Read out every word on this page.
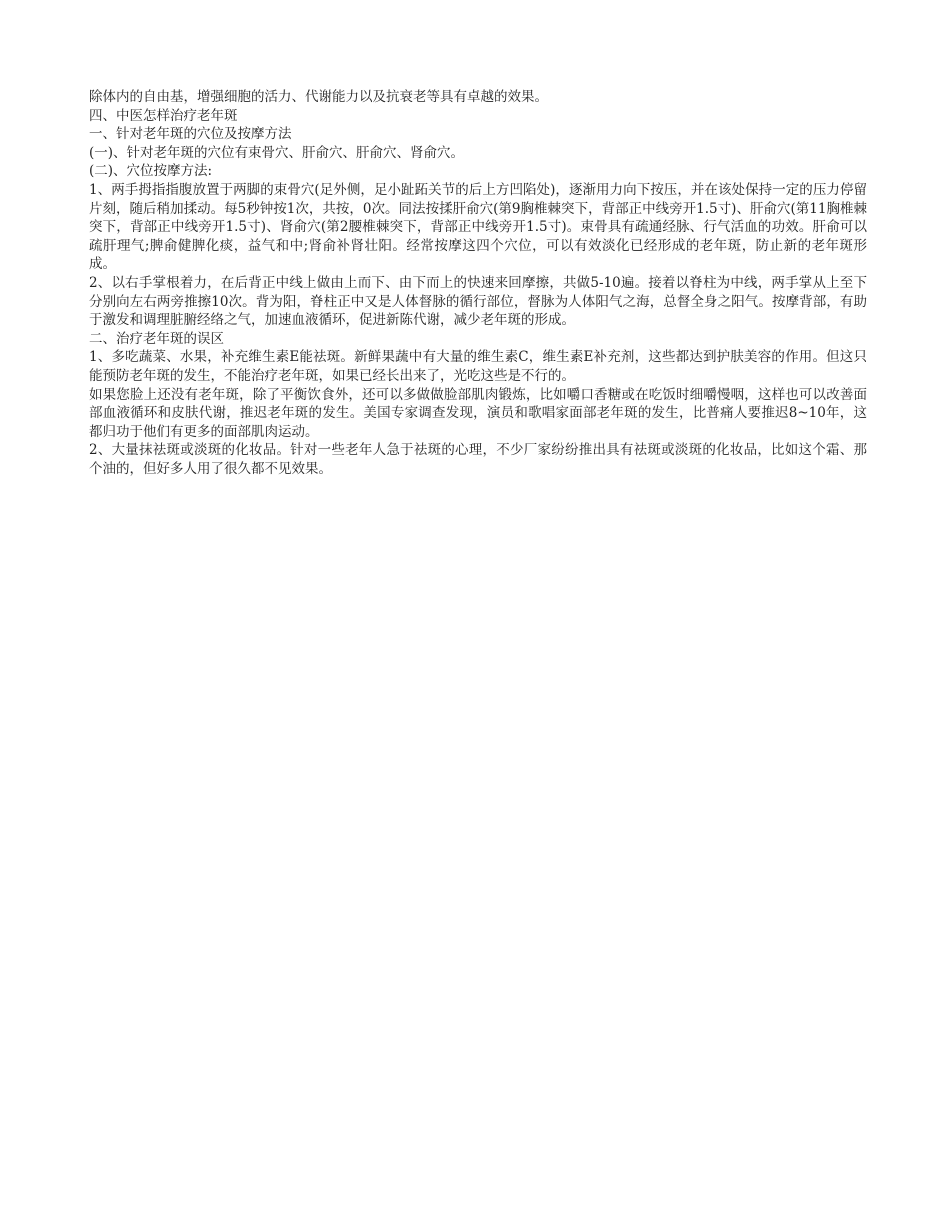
除体内的自由基，增强细胞的活力、代谢能力以及抗衰老等具有卓越的效果。

四、中医怎样治疗老年斑

一、针对老年斑的穴位及按摩方法

(一)、针对老年斑的穴位有束骨穴、肝俞穴、肝俞穴、肾俞穴。

(二)、穴位按摩方法:

1、两手拇指指腹放置于两脚的束骨穴(足外侧，足小趾跖关节的后上方凹陷处)，逐渐用力向下按压，并在该处保持一定的压力停留片刻，随后稍加揉动。每5秒钟按1次，共按，0次。同法按揉肝俞穴(第9胸椎棘突下，背部正中线旁开1.5寸)、肝俞穴(第11胸椎棘突下，背部正中线旁开1.5寸)、肾俞穴(第2腰椎棘突下，背部正中线旁开1.5寸)。束骨具有疏通经脉、行气活血的功效。肝俞可以疏肝理气;脾俞健脾化痰，益气和中;肾俞补肾壮阳。经常按摩这四个穴位，可以有效淡化已经形成的老年斑，防止新的老年斑形成。

2、以右手掌根着力，在后背正中线上做由上而下、由下而上的快速来回摩擦，共做5-10遍。接着以脊柱为中线，两手掌从上至下分别向左右两旁推擦10次。背为阳，脊柱正中又是人体督脉的循行部位，督脉为人体阳气之海，总督全身之阳气。按摩背部，有助于激发和调理脏腑经络之气，加速血液循环，促进新陈代谢，减少老年斑的形成。

二、治疗老年斑的误区

1、多吃蔬菜、水果，补充维生素E能祛斑。新鲜果蔬中有大量的维生素C，维生素E补充剂，这些都达到护肤美容的作用。但这只能预防老年斑的发生，不能治疗老年斑，如果已经长出来了，光吃这些是不行的。

如果您脸上还没有老年斑，除了平衡饮食外，还可以多做做脸部肌肉锻炼，比如嚼口香糖或在吃饭时细嚼慢咽，这样也可以改善面部血液循环和皮肤代谢，推迟老年斑的发生。美国专家调查发现，演员和歌唱家面部老年斑的发生，比普痛人要推迟8~10年，这都归功于他们有更多的面部肌肉运动。

2、大量抹祛斑或淡斑的化妆品。针对一些老年人急于祛斑的心理，不少厂家纷纷推出具有祛斑或淡斑的化妆品，比如这个霜、那个油的，但好多人用了很久都不见效果。
